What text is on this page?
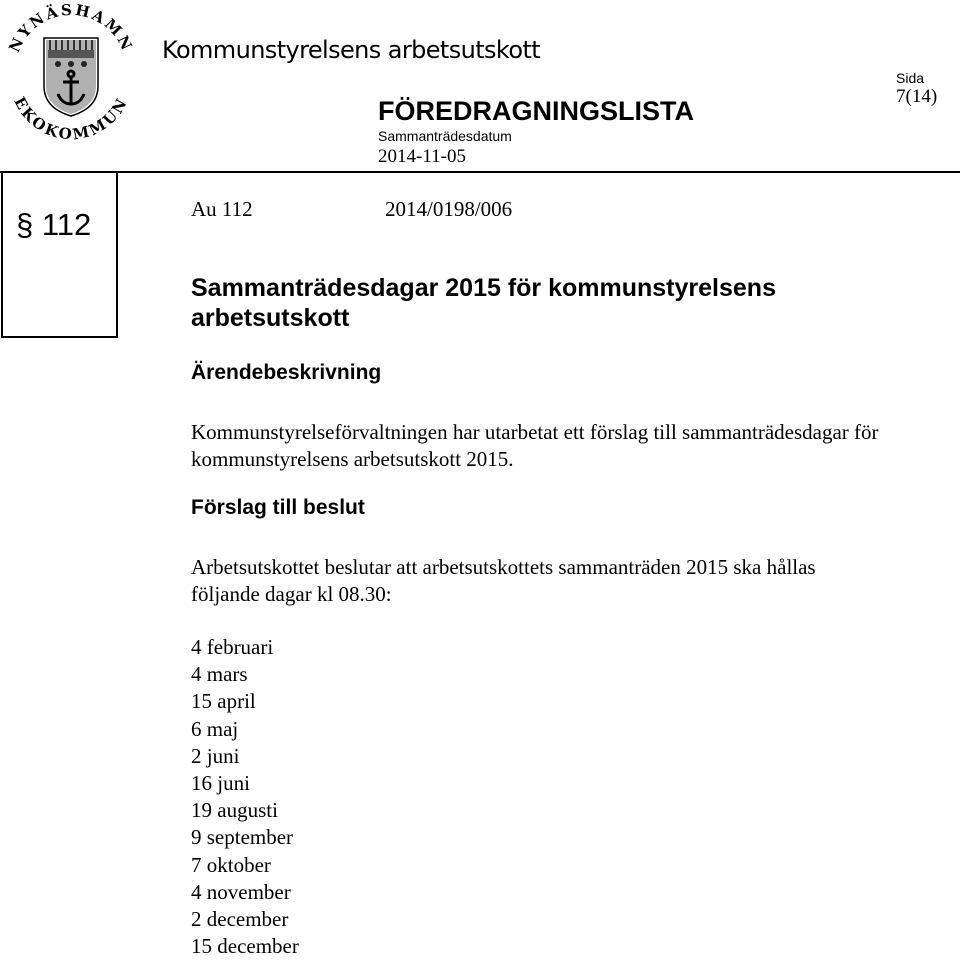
NYNÄSHAMN
EKOKOMMUN
Kommunstyrelsens arbetsutskott
FÖREDRAGNINGSLISTA
Sammanträdesdatum
2014-11-05
Sida
7(14)
§ 112	Au 112	2014/0198/006
Sammanträdesdagar 2015 för kommunstyrelsens
arbetsutskott
Ärendebeskrivning
Kommunstyrelseförvaltningen har utarbetat ett förslag till sammanträdesdagar för
kommunstyrelsens arbetsutskott 2015.
Förslag till beslut
Arbetsutskottet beslutar att arbetsutskottets sammanträden 2015 ska hållas
följande dagar kl 08.30:
4 februari
4 mars
15 april
6 maj
2 juni
16 juni
19 augusti
9 september
7 oktober
4 november
2 december
15 december
